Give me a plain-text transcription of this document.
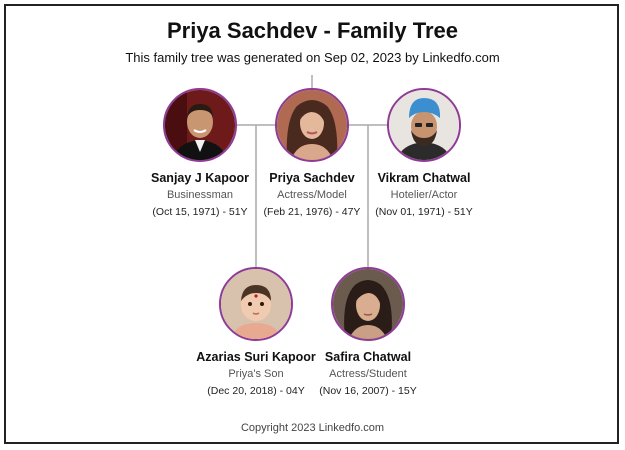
Priya Sachdev - Family Tree
This family tree was generated on Sep 02, 2023 by Linkedfo.com
Sanjay J Kapoor
Businessman
(Oct 15, 1971) - 51Y
Priya Sachdev
Actress/Model
(Feb 21, 1976) - 47Y
Vikram Chatwal
Hotelier/Actor
(Nov 01, 1971) - 51Y
Azarias Suri Kapoor
Priya's Son
(Dec 20, 2018) - 04Y
Safira Chatwal
Actress/Student
(Nov 16, 2007) - 15Y
Copyright 2023 Linkedfo.com
